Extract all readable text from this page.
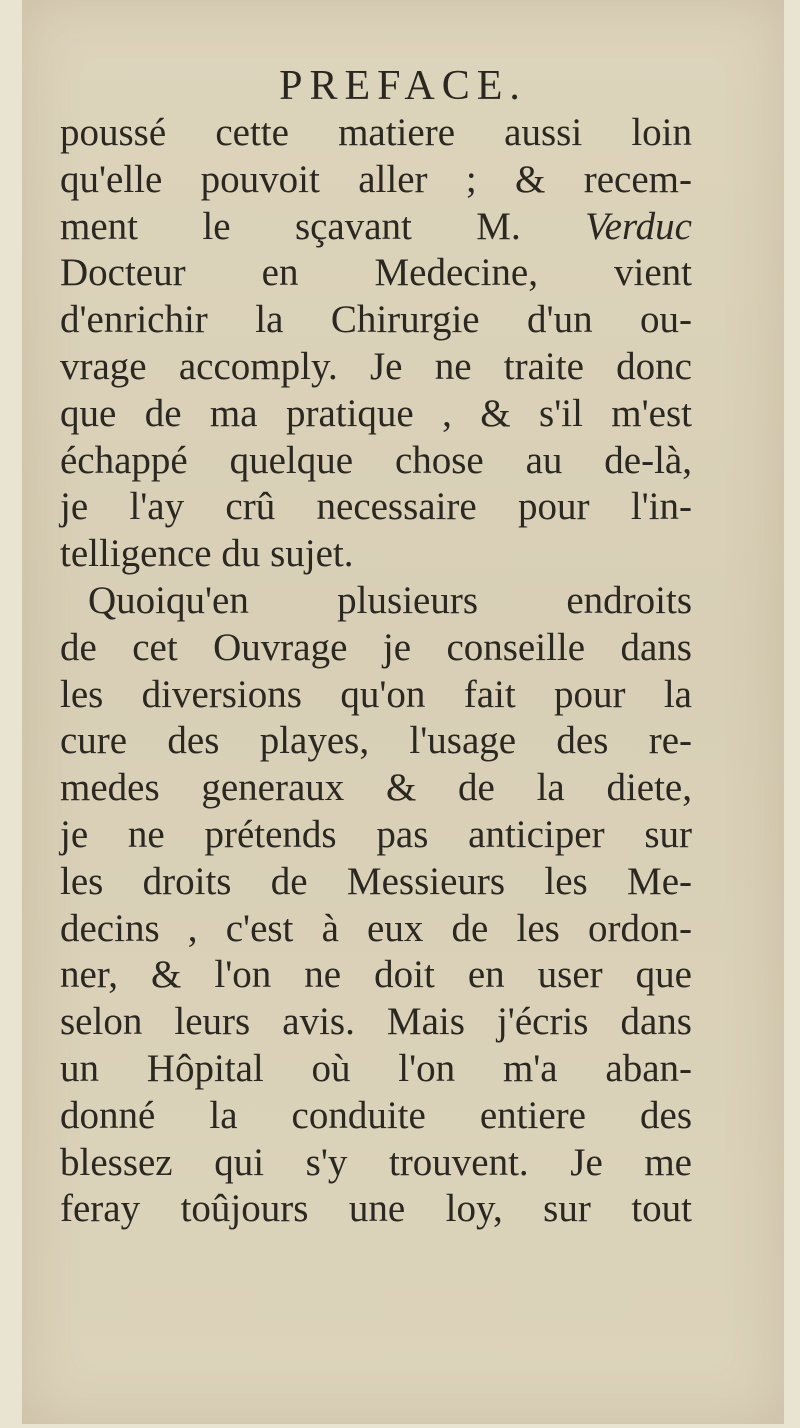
PREFACE.
poussé cette matiere aussi loin
qu'elle pouvoit aller ; & recem-
ment le sçavant M. Verduc
Docteur en Medecine, vient
d'enrichir la Chirurgie d'un ou-
vrage accomply. Je ne traite donc
que de ma pratique , & s'il m'est
échappé quelque chose au de-là,
je l'ay crû necessaire pour l'in-
telligence du sujet.
Quoiqu'en plusieurs endroits
de cet Ouvrage je conseille dans
les diversions qu'on fait pour la
cure des playes, l'usage des re-
medes generaux & de la diete,
je ne prétends pas anticiper sur
les droits de Messieurs les Me-
decins , c'est à eux de les ordon-
ner, & l'on ne doit en user que
selon leurs avis. Mais j'écris dans
un Hôpital où l'on m'a aban-
donné la conduite entiere des
blessez qui s'y trouvent. Je me
feray toûjours une loy, sur tout
